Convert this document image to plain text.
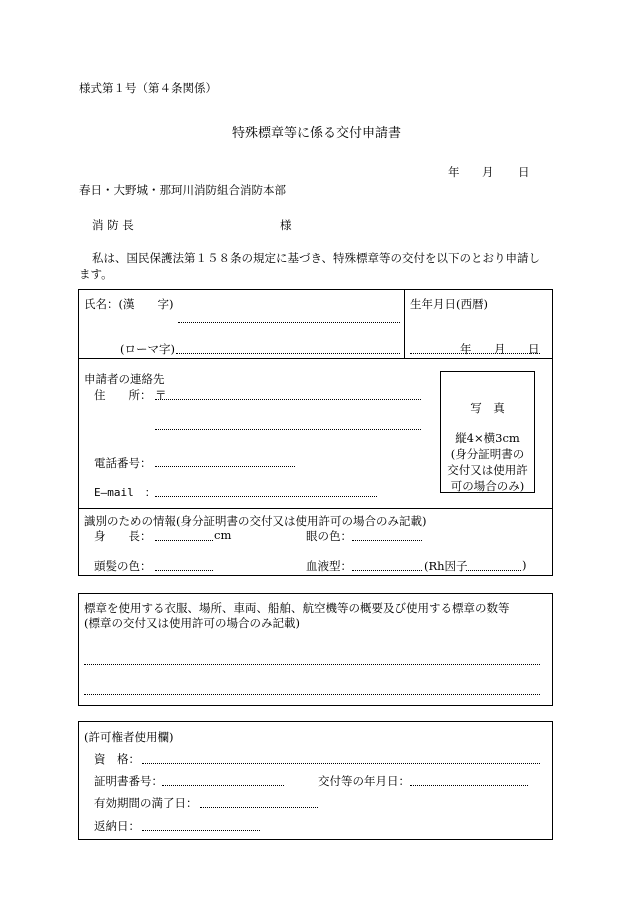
様式第１号（第４条関係）
特殊標章等に係る交付申請書
年 月 日
春日・大野城・那珂川消防組合消防本部
消 防 長	様
私は、国民保護法第１５８条の規定に基づき、特殊標章等の交付を以下のとおり申請し
ます。
氏名：(漢　　字)
(ローマ字)
生年月日(西暦)
年 月 日
申請者の連絡先
住　　所： 〒
電話番号：
E―mail　：
写　真
縦4×横3cm
(身分証明書の
交付又は使用許
可の場合のみ)
識別のための情報(身分証明書の交付又は使用許可の場合のみ記載)
身　　長：	cm	眼の色：
頭髪の色：	血液型：	(Rh因子	)
標章を使用する衣服、場所、車両、船舶、航空機等の概要及び使用する標章の数等
(標章の交付又は使用許可の場合のみ記載)
(許可権者使用欄)
資　格：
証明書番号：	交付等の年月日：
有効期間の満了日：
返納日：
